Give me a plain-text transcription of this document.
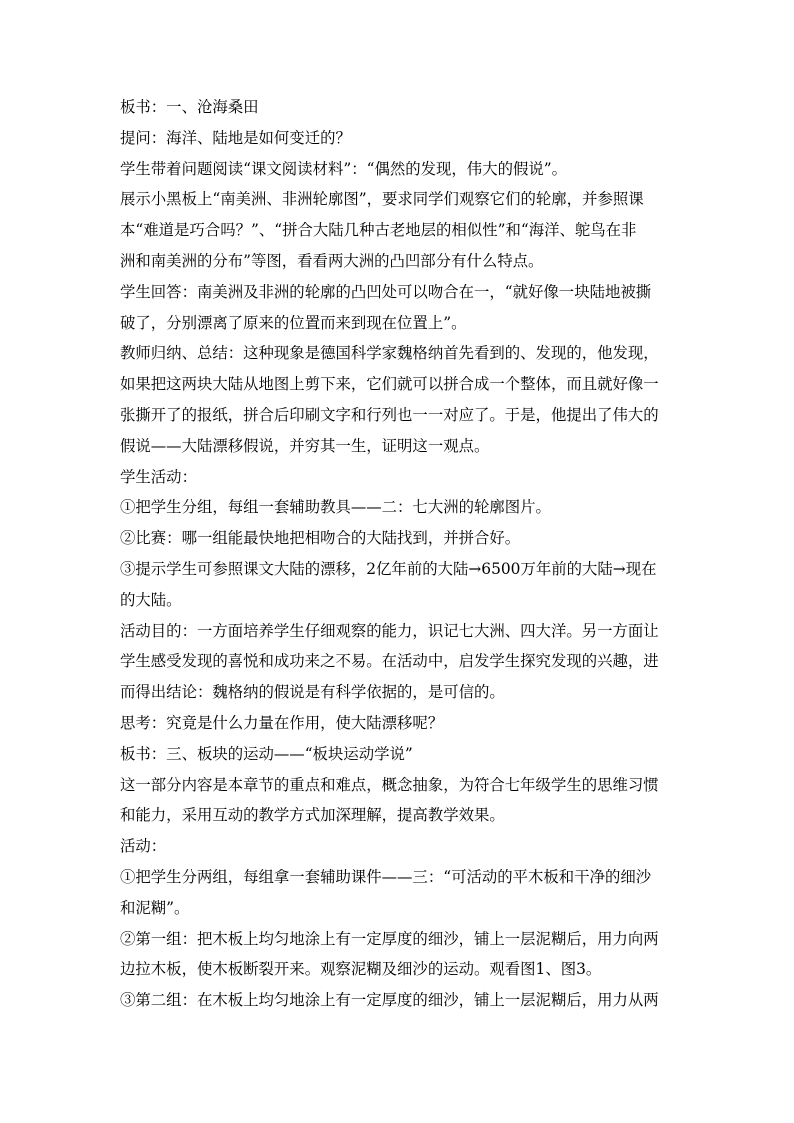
板书：一、沧海桑田

提问：海洋、陆地是如何变迁的？

学生带着问题阅读“课文阅读材料”：“偶然的发现，伟大的假说”。

展示小黑板上“南美洲、非洲轮廓图”，要求同学们观察它们的轮廓，并参照课

本“难道是巧合吗？”、“拼合大陆几种古老地层的相似性”和“海洋、鸵鸟在非

洲和南美洲的分布”等图，看看两大洲的凸凹部分有什么特点。

学生回答：南美洲及非洲的轮廓的凸凹处可以吻合在一，“就好像一块陆地被撕

破了，分别漂离了原来的位置而来到现在位置上”。

教师归纳、总结：这种现象是德国科学家魏格纳首先看到的、发现的，他发现，

如果把这两块大陆从地图上剪下来，它们就可以拼合成一个整体，而且就好像一

张撕开了的报纸，拼合后印刷文字和行列也一一对应了。于是，他提出了伟大的

假说——大陆漂移假说，并穷其一生，证明这一观点。

学生活动：

①把学生分组，每组一套辅助教具——二：七大洲的轮廓图片。

②比赛：哪一组能最快地把相吻合的大陆找到，并拼合好。

③提示学生可参照课文大陆的漂移，2亿年前的大陆→6500万年前的大陆→现在

的大陆。

活动目的：一方面培养学生仔细观察的能力，识记七大洲、四大洋。另一方面让

学生感受发现的喜悦和成功来之不易。在活动中，启发学生探究发现的兴趣，进

而得出结论：魏格纳的假说是有科学依据的，是可信的。

思考：究竟是什么力量在作用，使大陆漂移呢？

板书：三、板块的运动——“板块运动学说”

这一部分内容是本章节的重点和难点，概念抽象，为符合七年级学生的思维习惯

和能力，采用互动的教学方式加深理解，提高教学效果。

活动：

①把学生分两组，每组拿一套辅助课件——三：“可活动的平木板和干净的细沙

和泥糊”。

②第一组：把木板上均匀地涂上有一定厚度的细沙，铺上一层泥糊后，用力向两

边拉木板，使木板断裂开来。观察泥糊及细沙的运动。观看图1、图3。

③第二组：在木板上均匀地涂上有一定厚度的细沙，铺上一层泥糊后，用力从两
